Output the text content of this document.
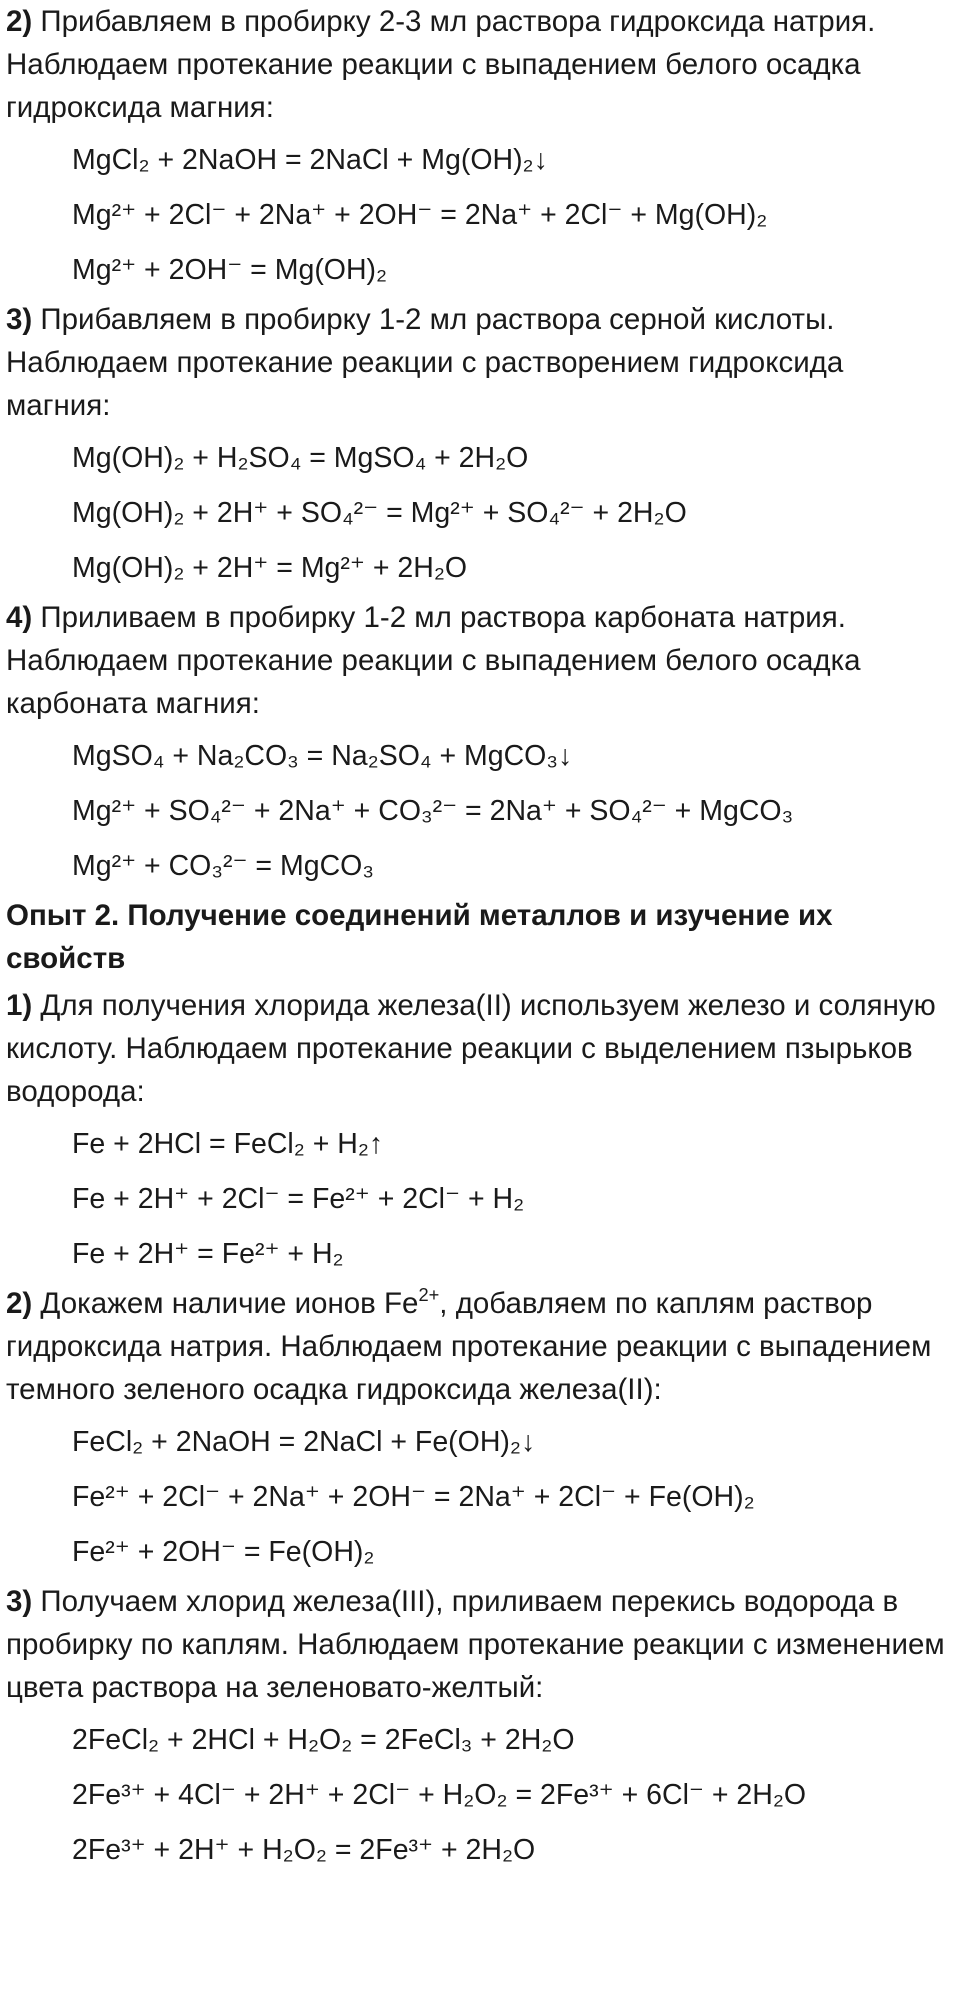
2) Прибавляем в пробирку 2-3 мл раствора гидроксида натрия. Наблюдаем протекание реакции с выпадением белого осадка гидроксида магния:

MgCl₂ + 2NaOH = 2NaCl + Mg(OH)₂↓
Mg²⁺ + 2Cl⁻ + 2Na⁺ + 2OH⁻ = 2Na⁺ + 2Cl⁻ + Mg(OH)₂
Mg²⁺ + 2OH⁻ = Mg(OH)₂

3) Прибавляем в пробирку 1-2 мл раствора серной кислоты. Наблюдаем протекание реакции с растворением гидроксида магния:

Mg(OH)₂ + H₂SO₄ = MgSO₄ + 2H₂O
Mg(OH)₂ + 2H⁺ + SO₄²⁻ = Mg²⁺ + SO₄²⁻ + 2H₂O
Mg(OH)₂ + 2H⁺ = Mg²⁺ + 2H₂O

4) Приливаем в пробирку 1-2 мл раствора карбоната натрия. Наблюдаем протекание реакции с выпадением белого осадка карбоната магния:

MgSO₄ + Na₂CO₃ = Na₂SO₄ + MgCO₃↓
Mg²⁺ + SO₄²⁻ + 2Na⁺ + CO₃²⁻ = 2Na⁺ + SO₄²⁻ + MgCO₃
Mg²⁺ + CO₃²⁻ = MgCO₃

Опыт 2. Получение соединений металлов и изучение их свойств

1) Для получения хлорида железа(II) используем железо и соляную кислоту. Наблюдаем протекание реакции с выделением пзырьков водорода:

Fe + 2HCl = FeCl₂ + H₂↑
Fe + 2H⁺ + 2Cl⁻ = Fe²⁺ + 2Cl⁻ + H₂
Fe + 2H⁺ = Fe²⁺ + H₂

2) Докажем наличие ионов $Fe^{2+}$, добавляем по каплям раствор гидроксида натрия. Наблюдаем протекание реакции с выпадением темного зеленого осадка гидроксида железа(II):

FeCl₂ + 2NaOH = 2NaCl + Fe(OH)₂↓
Fe²⁺ + 2Cl⁻ + 2Na⁺ + 2OH⁻ = 2Na⁺ + 2Cl⁻ + Fe(OH)₂
Fe²⁺ + 2OH⁻ = Fe(OH)₂

3) Получаем хлорид железа(III), приливаем перекись водорода в пробирку по каплям. Наблюдаем протекание реакции с изменением цвета раствора на зеленовато-желтый:

2FeCl₂ + 2HCl + H₂O₂ = 2FeCl₃ + 2H₂O
2Fe³⁺ + 4Cl⁻ + 2H⁺ + 2Cl⁻ + H₂O₂ = 2Fe³⁺ + 6Cl⁻ + 2H₂O
2Fe³⁺ + 2H⁺ + H₂O₂ = 2Fe³⁺ + 2H₂O
